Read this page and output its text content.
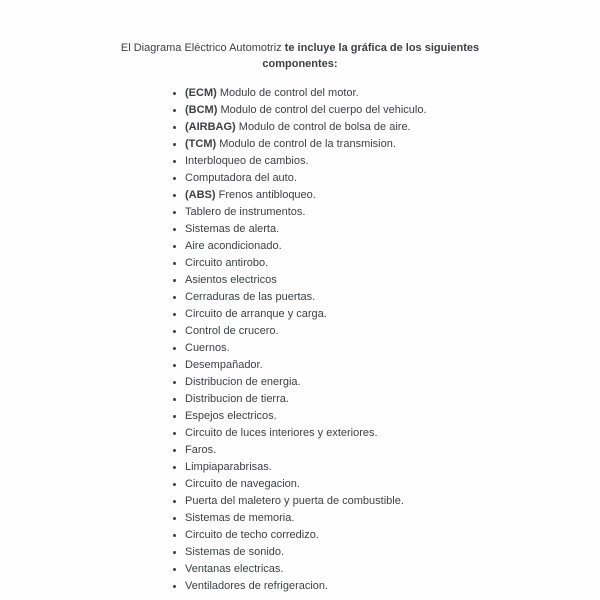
El Diagrama Eléctrico Automotriz te incluye la gráfica de los siguientes componentes:

(ECM) Modulo de control del motor.
(BCM) Modulo de control del cuerpo del vehiculo.
(AIRBAG) Modulo de control de bolsa de aire.
(TCM) Modulo de control de la transmision.
Interbloqueo de cambios.
Computadora del auto.
(ABS) Frenos antibloqueo.
Tablero de instrumentos.
Sistemas de alerta.
Aire acondicionado.
Circuito antirobo.
Asientos electricos
Cerraduras de las puertas.
Circuito de arranque y carga.
Control de crucero.
Cuernos.
Desempañador.
Distribucion de energia.
Distribucion de tierra.
Espejos electricos.
Circuito de luces interiores y exteriores.
Faros.
Limpiaparabrisas.
Circuito de navegacion.
Puerta del maletero y puerta de combustible.
Sistemas de memoria.
Circuito de techo corredizo.
Sistemas de sonido.
Ventanas electricas.
Ventiladores de refrigeracion.
